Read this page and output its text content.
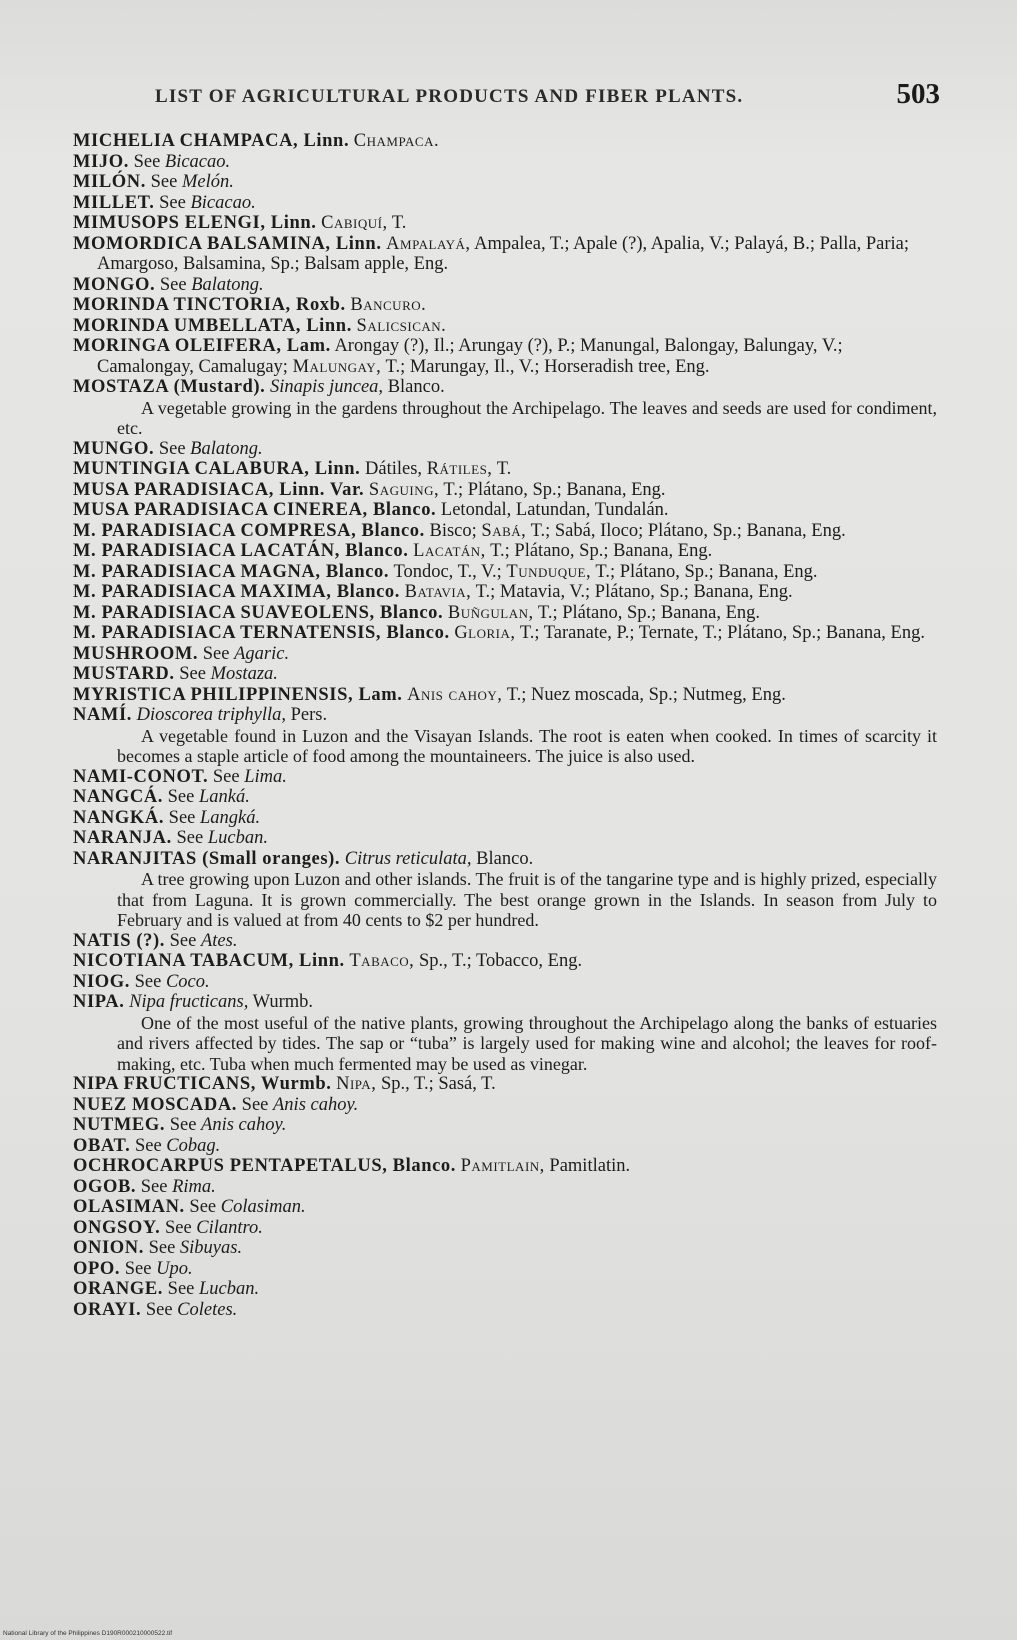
LIST OF AGRICULTURAL PRODUCTS AND FIBER PLANTS.	503

MICHELIA CHAMPACA, Linn. Champaca.

MIJO. See Bicacao.

MILÓN. See Melón.

MILLET. See Bicacao.

MIMUSOPS ELENGI, Linn. Cabiquí, T.

MOMORDICA BALSAMINA, Linn. Ampalayá, Ampalea, T.; Apale (?), Apalia, V.; Palayá, B.; Palla, Paria; Amargoso, Balsamina, Sp.; Balsam apple, Eng.

MONGO. See Balatong.

MORINDA TINCTORIA, Roxb. Bancuro.

MORINDA UMBELLATA, Linn. Salicsican.

MORINGA OLEIFERA, Lam. Arongay (?), Il.; Arungay (?), P.; Manungal, Balongay, Balungay, V.; Camalongay, Camalugay; Malungay, T.; Marungay, Il., V.; Horseradish tree, Eng.

MOSTAZA (Mustard). Sinapis juncea, Blanco.

A vegetable growing in the gardens throughout the Archipelago. The leaves and seeds are used for condiment, etc.

MUNGO. See Balatong.

MUNTINGIA CALABURA, Linn. Dátiles, Rátiles, T.

MUSA PARADISIACA, Linn. Var. Saguing, T.; Plátano, Sp.; Banana, Eng.

MUSA PARADISIACA CINEREA, Blanco. Letondal, Latundan, Tundalán.

M. PARADISIACA COMPRESA, Blanco. Bisco; Sabá, T.; Sabá, Iloco; Plátano, Sp.; Banana, Eng.

M. PARADISIACA LACATÁN, Blanco. Lacatán, T.; Plátano, Sp.; Banana, Eng.

M. PARADISIACA MAGNA, Blanco. Tondoc, T., V.; Tunduque, T.; Plátano, Sp.; Banana, Eng.

M. PARADISIACA MAXIMA, Blanco. Batavia, T.; Matavia, V.; Plátano, Sp.; Banana, Eng.

M. PARADISIACA SUAVEOLENS, Blanco. Buñgulan, T.; Plátano, Sp.; Banana, Eng.

M. PARADISIACA TERNATENSIS, Blanco. Gloria, T.; Taranate, P.; Ternate, T.; Plátano, Sp.; Banana, Eng.

MUSHROOM. See Agaric.

MUSTARD. See Mostaza.

MYRISTICA PHILIPPINENSIS, Lam. Anis cahoy, T.; Nuez moscada, Sp.; Nutmeg, Eng.

NAMÍ. Dioscorea triphylla, Pers.

A vegetable found in Luzon and the Visayan Islands. The root is eaten when cooked. In times of scarcity it becomes a staple article of food among the mountaineers. The juice is also used.

NAMI-CONOT. See Lima.

NANGCÁ. See Lanká.

NANGKÁ. See Langká.

NARANJA. See Lucban.

NARANJITAS (Small oranges). Citrus reticulata, Blanco.

A tree growing upon Luzon and other islands. The fruit is of the tangarine type and is highly prized, especially that from Laguna. It is grown commercially. The best orange grown in the Islands. In season from July to February and is valued at from 40 cents to $2 per hundred.

NATIS (?). See Ates.

NICOTIANA TABACUM, Linn. Tabaco, Sp., T.; Tobacco, Eng.

NIOG. See Coco.

NIPA. Nipa fructicans, Wurmb.

One of the most useful of the native plants, growing throughout the Archipelago along the banks of estuaries and rivers affected by tides. The sap or “tuba” is largely used for making wine and alcohol; the leaves for roof-making, etc. Tuba when much fermented may be used as vinegar.

NIPA FRUCTICANS, Wurmb. Nipa, Sp., T.; Sasá, T.

NUEZ MOSCADA. See Anis cahoy.

NUTMEG. See Anis cahoy.

OBAT. See Cobag.

OCHROCARPUS PENTAPETALUS, Blanco. Pamitlain, Pamitlatin.

OGOB. See Rima.

OLASIMAN. See Colasiman.

ONGSOY. See Cilantro.

ONION. See Sibuyas.

OPO. See Upo.

ORANGE. See Lucban.

ORAYI. See Coletes.

National Library of the Philippines D190R000210000522.tif
